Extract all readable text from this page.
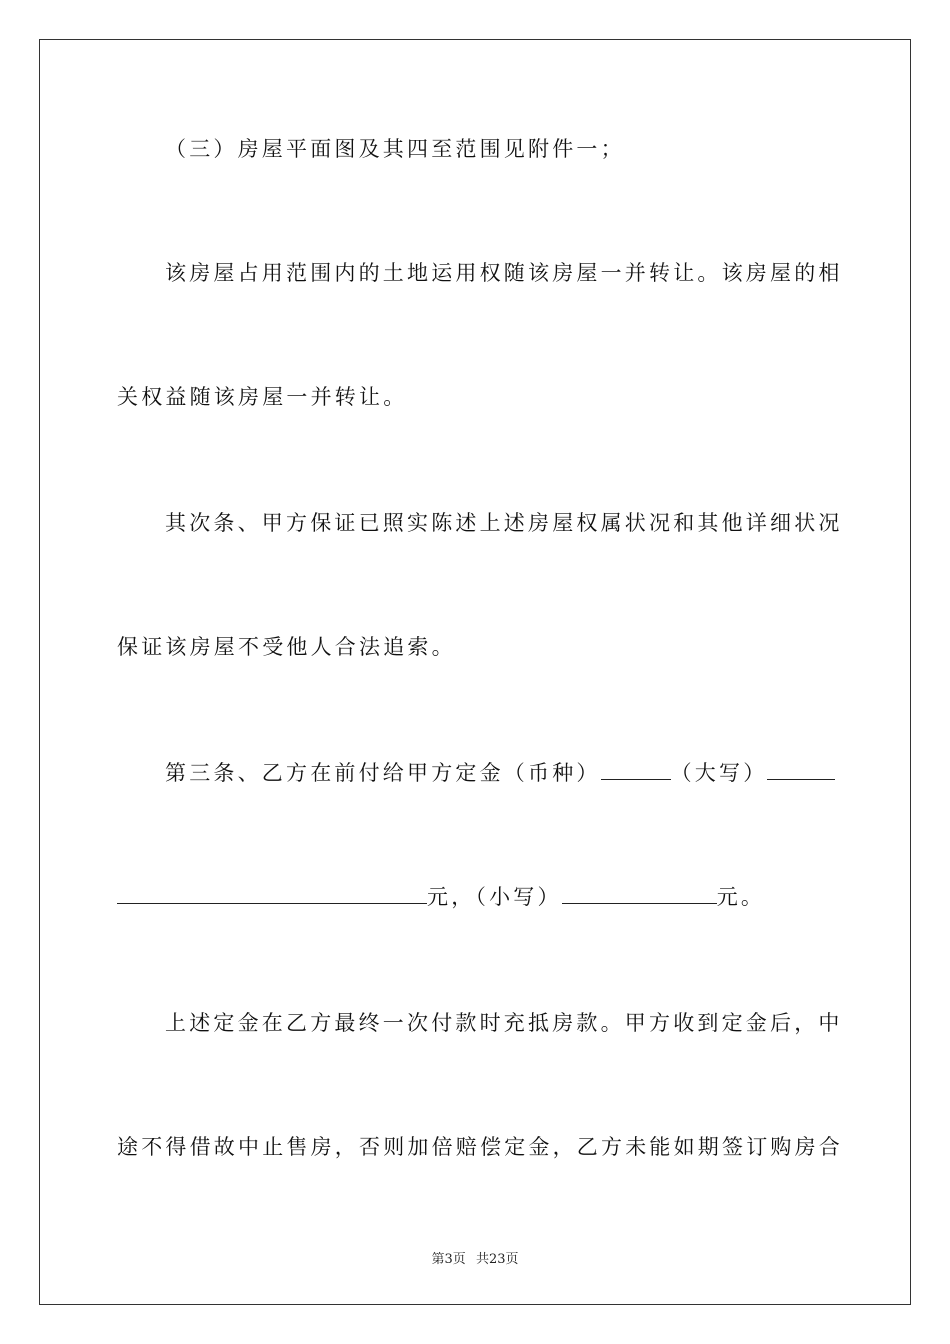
（三）房屋平面图及其四至范围见附件一；
该房屋占用范围内的土地运用权随该房屋一并转让。该房屋的相
关权益随该房屋一并转让。
其次条、甲方保证已照实陈述上述房屋权属状况和其他详细状况
保证该房屋不受他人合法追索。
第三条、乙方在前付给甲方定金（币种）	（大写）
元，（小写）	元。
上述定金在乙方最终一次付款时充抵房款。甲方收到定金后，中
途不得借故中止售房，否则加倍赔偿定金，乙方未能如期签订购房合
第3页 共23页
